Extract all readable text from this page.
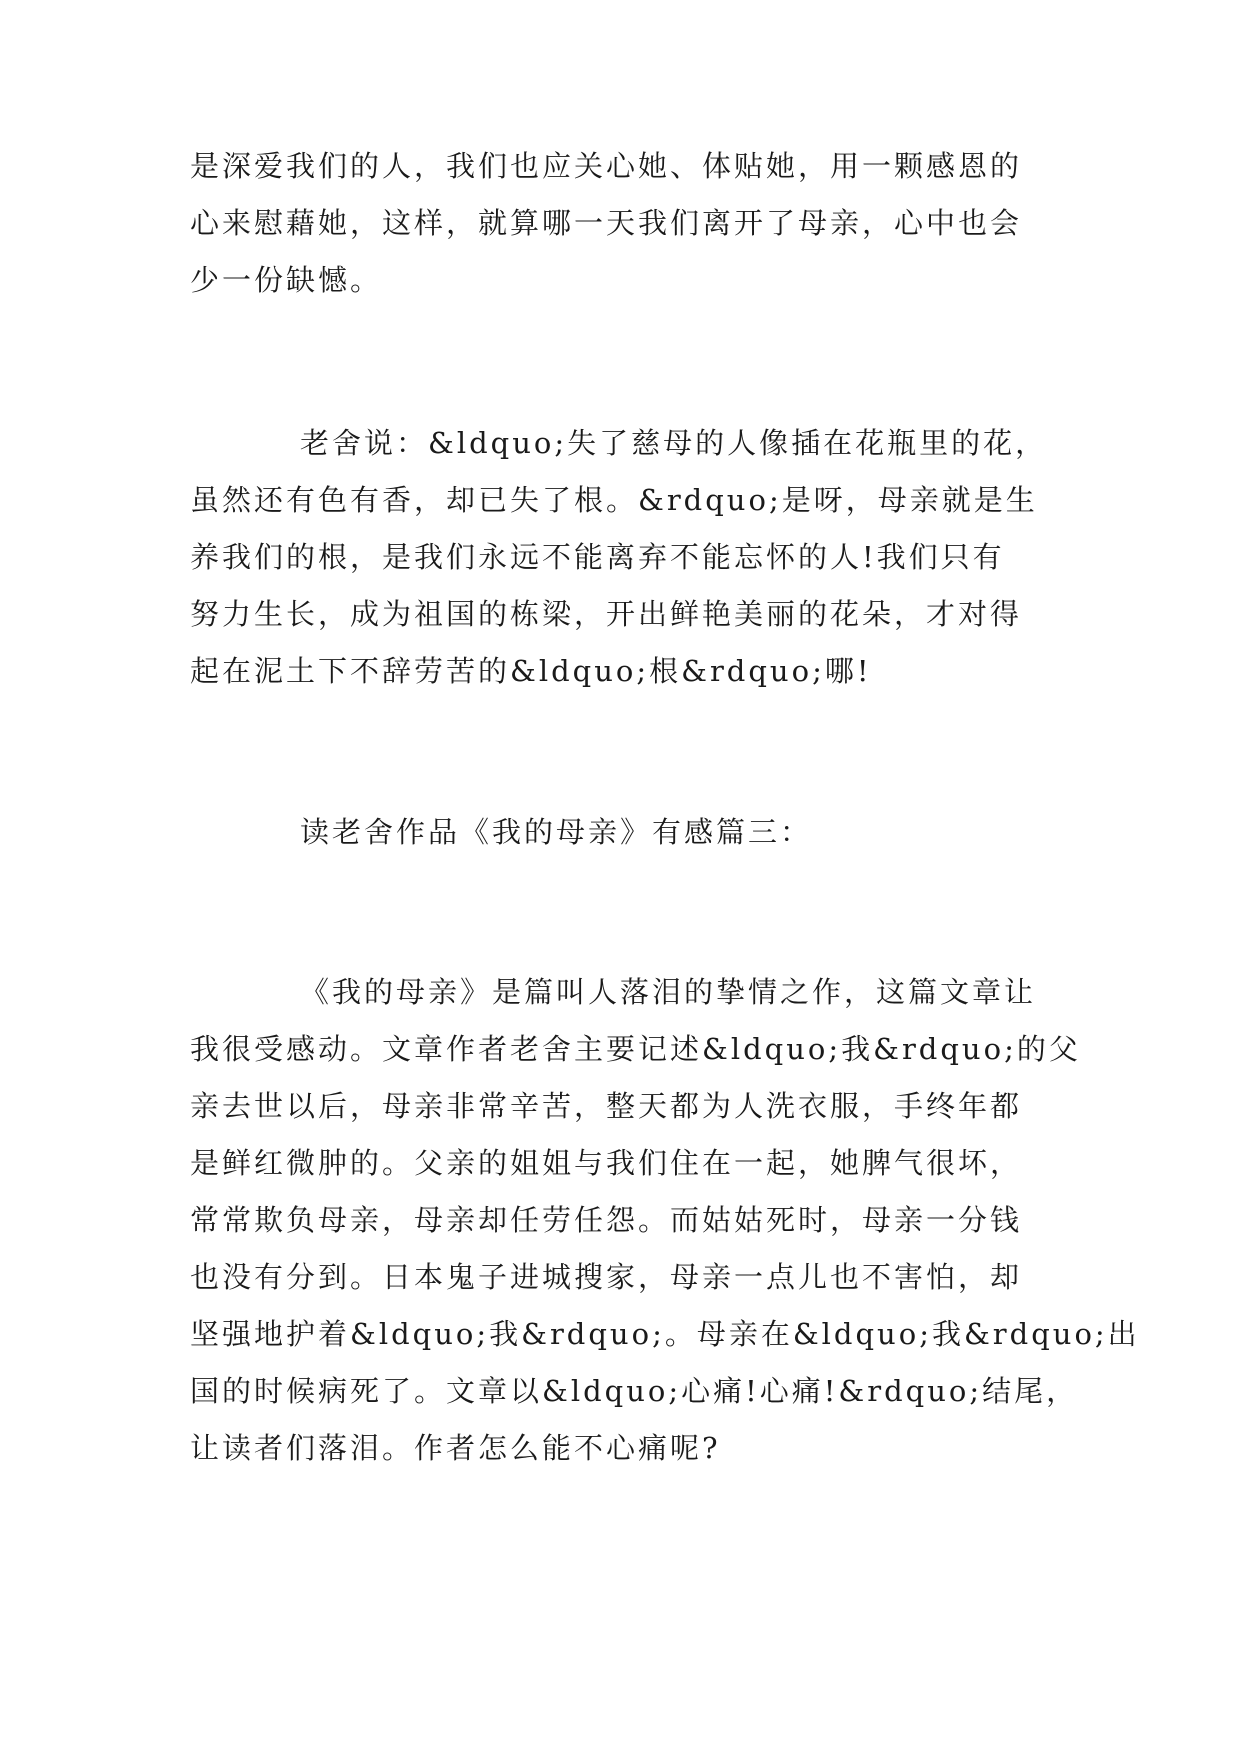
是深爱我们的人，我们也应关心她、体贴她，用一颗感恩的
心来慰藉她，这样，就算哪一天我们离开了母亲，心中也会
少一份缺憾。
老舍说：&ldquo;失了慈母的人像插在花瓶里的花，
虽然还有色有香，却已失了根。&rdquo;是呀，母亲就是生
养我们的根，是我们永远不能离弃不能忘怀的人!我们只有
努力生长，成为祖国的栋梁，开出鲜艳美丽的花朵，才对得
起在泥土下不辞劳苦的&ldquo;根&rdquo;哪!
读老舍作品《我的母亲》有感篇三：
《我的母亲》是篇叫人落泪的挚情之作，这篇文章让
我很受感动。文章作者老舍主要记述&ldquo;我&rdquo;的父
亲去世以后，母亲非常辛苦，整天都为人洗衣服，手终年都
是鲜红微肿的。父亲的姐姐与我们住在一起，她脾气很坏，
常常欺负母亲，母亲却任劳任怨。而姑姑死时，母亲一分钱
也没有分到。日本鬼子进城搜家，母亲一点儿也不害怕，却
坚强地护着&ldquo;我&rdquo;。母亲在&ldquo;我&rdquo;出
国的时候病死了。文章以&ldquo;心痛!心痛!&rdquo;结尾，
让读者们落泪。作者怎么能不心痛呢?
